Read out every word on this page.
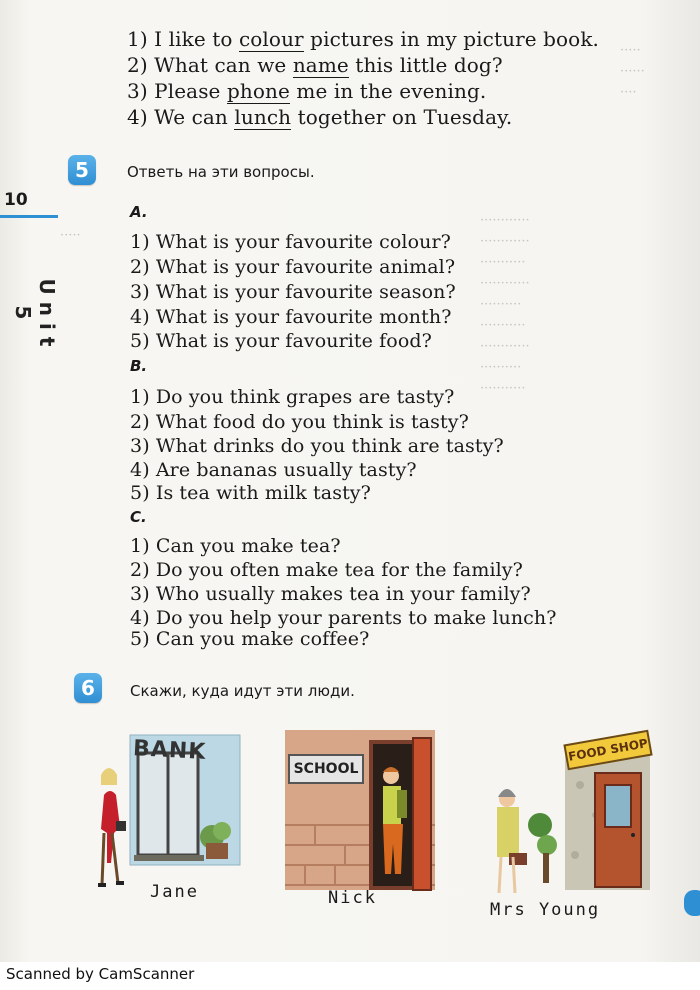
·····
······
····
············
············
···········
············
··········
···········
············
··········
···········
·····
1) I like to colour pictures in my picture book.
2) What can we name this little dog?
3) Please phone me in the evening.
4) We can lunch together on Tuesday.
10
Unit 5
5	Ответь на эти вопросы.
A.
1) What is your favourite colour?
2) What is your favourite animal?
3) What is your favourite season?
4) What is your favourite month?
5) What is your favourite food?
B.
1) Do you think grapes are tasty?
2) What food do you think is tasty?
3) What drinks do you think are tasty?
4) Are bananas usually tasty?
5) Is tea with milk tasty?
C.
1) Can you make tea?
2) Do you often make tea for the family?
3) Who usually makes tea in your family?
4) Do you help your parents to make lunch?
5) Can you make coffee?
6	Скажи, куда идут эти люди.
BANK
Jane
SCHOOL
Nick
FOOD SHOP
Mrs Young
Scanned by CamScanner
